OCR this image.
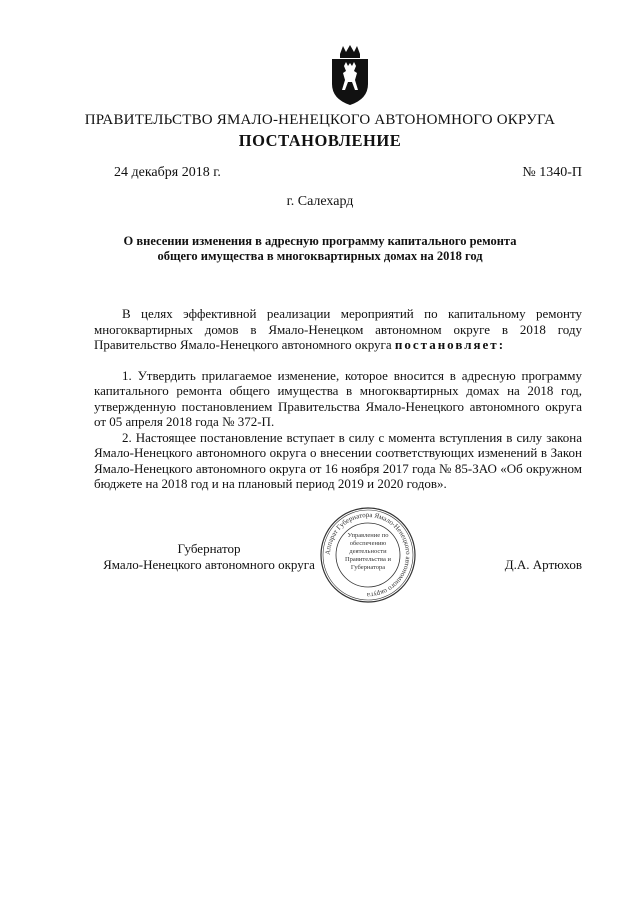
ПРАВИТЕЛЬСТВО ЯМАЛО-НЕНЕЦКОГО АВТОНОМНОГО ОКРУГА
ПОСТАНОВЛЕНИЕ
24 декабря 2018 г.	№ 1340-П
г. Салехард
О внесении изменения в адресную программу капитального ремонта общего имущества в многоквартирных домах на 2018 год

В целях эффективной реализации мероприятий по капитальному ремонту многоквартирных домов в Ямало-Ненецком автономном округе в 2018 году Правительство Ямало-Ненецкого автономного округа постановляет:

1. Утвердить прилагаемое изменение, которое вносится в адресную программу капитального ремонта общего имущества в многоквартирных домах на 2018 год, утвержденную постановлением Правительства Ямало-Ненецкого автономного округа от 05 апреля 2018 года № 372-П.

2. Настоящее постановление вступает в силу с момента вступления в силу закона Ямало-Ненецкого автономного округа о внесении соответствующих изменений в Закон Ямало-Ненецкого автономного округа от 16 ноября 2017 года № 85-ЗАО «Об окружном бюджете на 2018 год и на плановый период 2019 и 2020 годов».

Губернатор
Ямало-Ненецкого автономного округа	Д.А. Артюхов
Аппарат Губернатора Ямало-Ненецкого автономного округа
Управление по обеспечению деятельности Правительства и Губернатора
